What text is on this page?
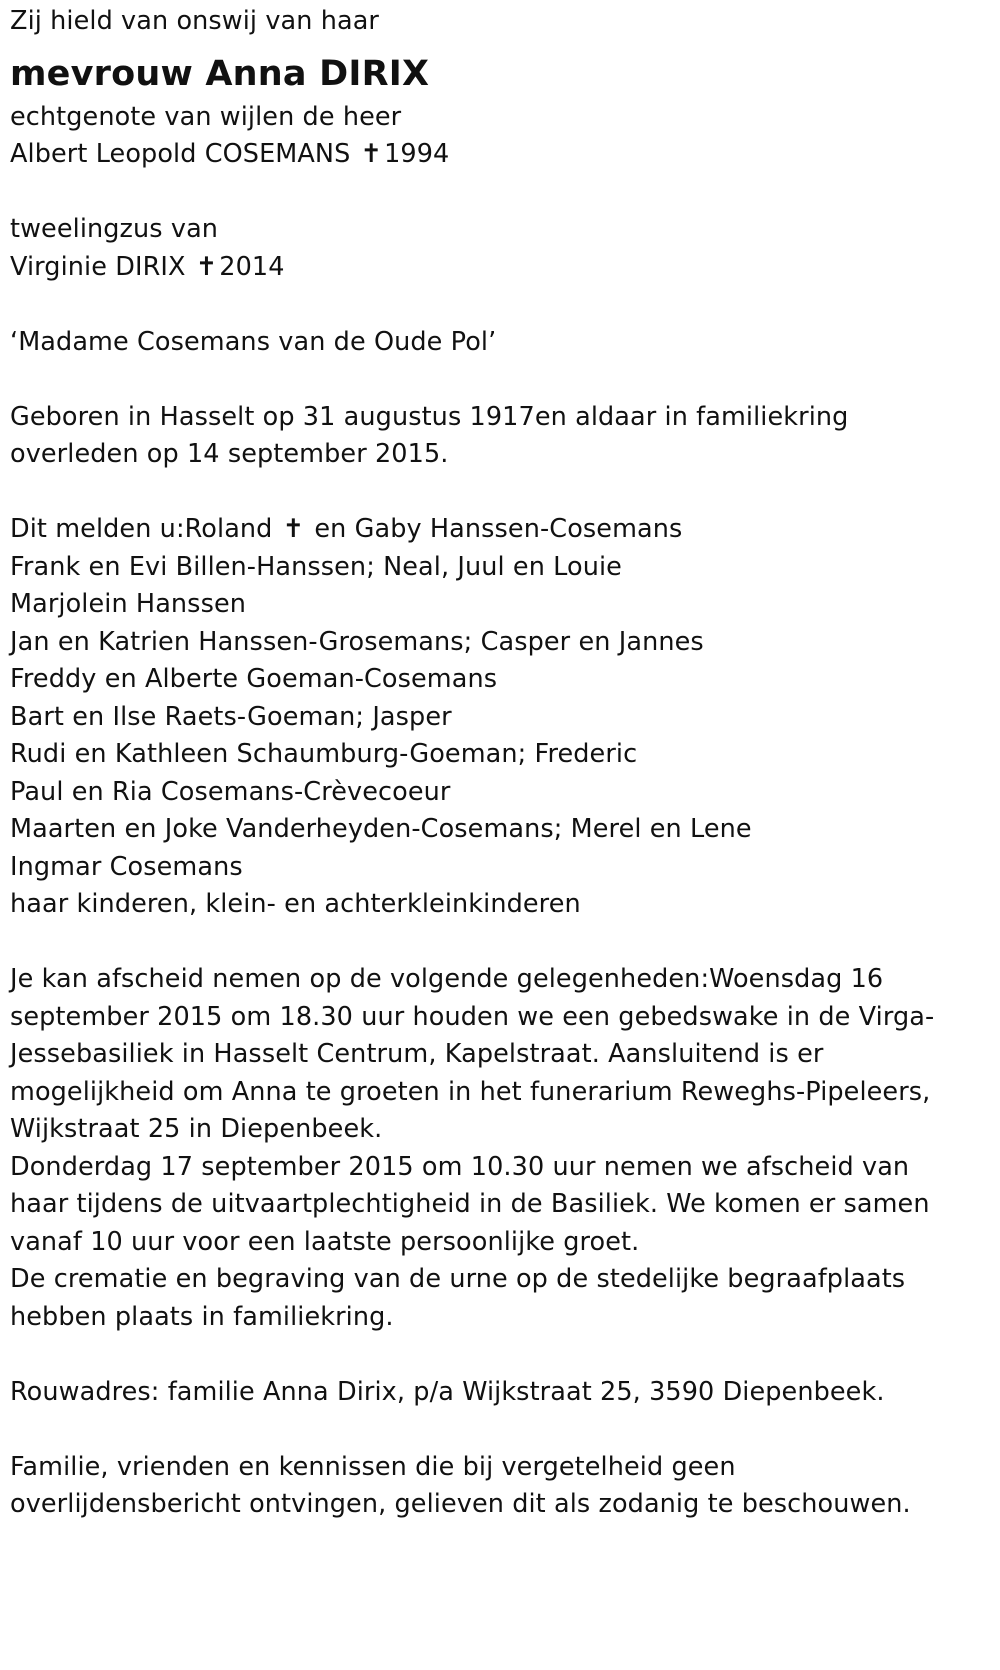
Zij hield van onswij van haar
mevrouw Anna DIRIX
echtgenote van wijlen de heer
Albert Leopold COSEMANS ✝1994
tweelingzus van
Virginie DIRIX ✝2014
‘Madame Cosemans van de Oude Pol’
Geboren in Hasselt op 31 augustus 1917en aldaar in familiekring
overleden op 14 september 2015.
Dit melden u:Roland ✝ en Gaby Hanssen-Cosemans
Frank en Evi Billen-Hanssen; Neal, Juul en Louie
Marjolein Hanssen
Jan en Katrien Hanssen-Grosemans; Casper en Jannes
Freddy en Alberte Goeman-Cosemans
Bart en Ilse Raets-Goeman; Jasper
Rudi en Kathleen Schaumburg-Goeman; Frederic
Paul en Ria Cosemans-Crèvecoeur
Maarten en Joke Vanderheyden-Cosemans; Merel en Lene
Ingmar Cosemans
haar kinderen, klein- en achterkleinkinderen
Je kan afscheid nemen op de volgende gelegenheden:Woensdag 16
september 2015 om 18.30 uur houden we een gebedswake in de Virga-
Jessebasiliek in Hasselt Centrum, Kapelstraat. Aansluitend is er
mogelijkheid om Anna te groeten in het funerarium Reweghs-Pipeleers,
Wijkstraat 25 in Diepenbeek.
Donderdag 17 september 2015 om 10.30 uur nemen we afscheid van
haar tijdens de uitvaartplechtigheid in de Basiliek. We komen er samen
vanaf 10 uur voor een laatste persoonlijke groet.
De crematie en begraving van de urne op de stedelijke begraafplaats
hebben plaats in familiekring.
Rouwadres: familie Anna Dirix, p/a Wijkstraat 25, 3590 Diepenbeek.
Familie, vrienden en kennissen die bij vergetelheid geen
overlijdensbericht ontvingen, gelieven dit als zodanig te beschouwen.
